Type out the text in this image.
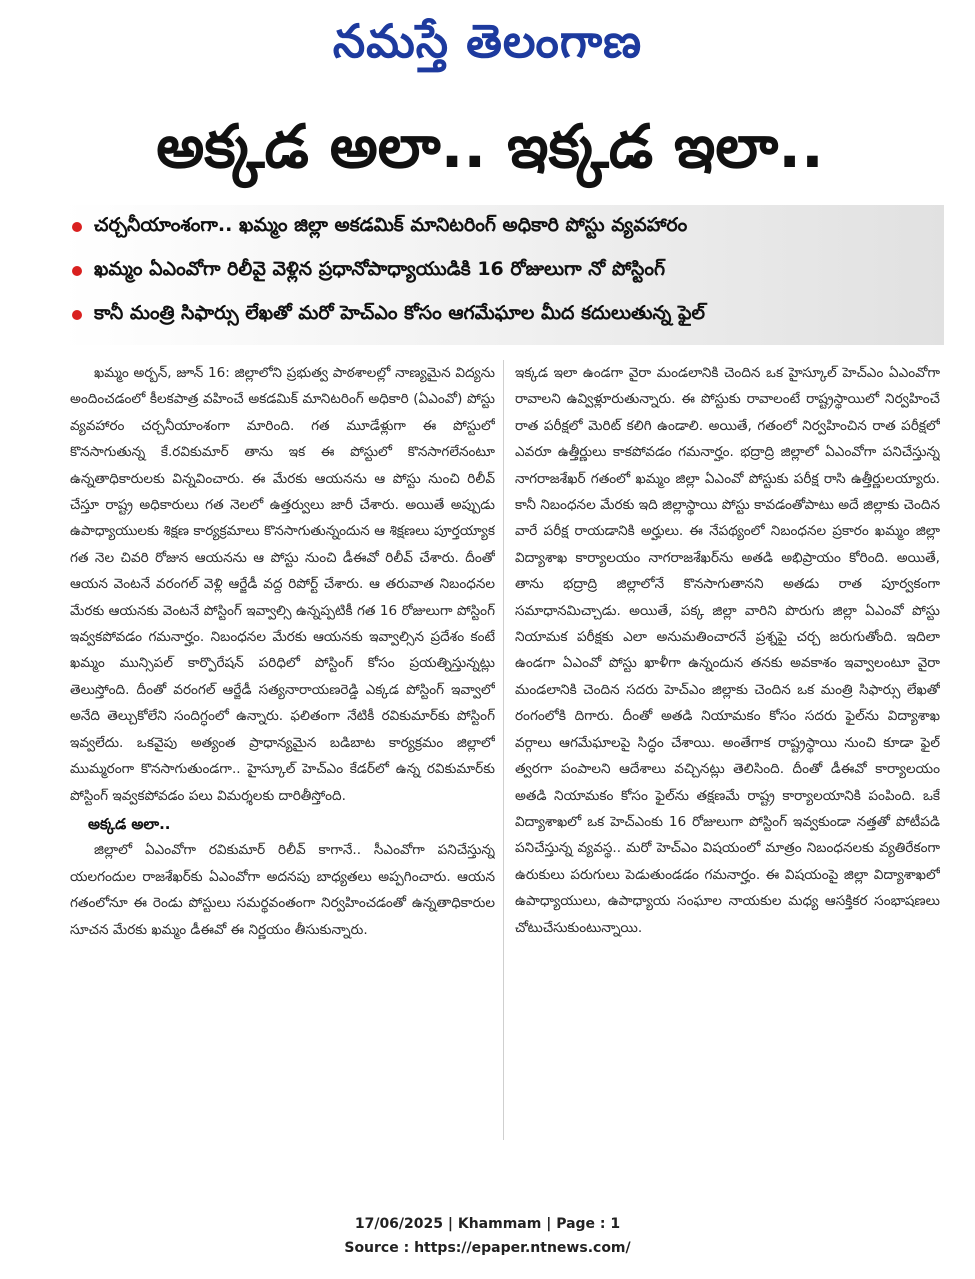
నమస్తే తెలంగాణ
అక్కడ అలా.. ఇక్కడ ఇలా..
చర్చనీయాంశంగా.. ఖమ్మం జిల్లా అకడమిక్ మానిటరింగ్ అధికారి పోస్టు వ్యవహారం
ఖమ్మం ఏఎంవోగా రిలీవై వెళ్లిన ప్రధానోపాధ్యాయుడికి 16 రోజులుగా నో పోస్టింగ్
కానీ మంత్రి సిఫార్సు లేఖతో మరో హెచ్ఎం కోసం ఆగమేఘాల మీద కదులుతున్న ఫైల్

ఖమ్మం అర్బన్, జూన్ 16: జిల్లాలోని ప్రభుత్వ పాఠశాలల్లో నాణ్యమైన విద్యను అందించడంలో కీలకపాత్ర వహించే అకడమిక్ మానిటరింగ్ అధికారి (ఏఎంవో) పోస్టు వ్యవహారం చర్చనీయాంశంగా మారింది. గత మూడేళ్లుగా ఈ పోస్టులో కొనసాగుతున్న కే.రవికుమార్ తాను ఇక ఈ పోస్టులో కొనసాగలేనంటూ ఉన్నతాధికారులకు విన్నవించారు. ఈ మేరకు ఆయనను ఆ పోస్టు నుంచి రిలీవ్ చేస్తూ రాష్ట్ర అధికారులు గత నెలలో ఉత్తర్వులు జారీ చేశారు. అయితే అప్పుడు ఉపాధ్యాయులకు శిక్షణ కార్యక్రమాలు కొనసాగుతున్నందున ఆ శిక్షణలు పూర్తయ్యాక గత నెల చివరి రోజున ఆయనను ఆ పోస్టు నుంచి డీఈవో రిలీవ్ చేశారు. దీంతో ఆయన వెంటనే వరంగల్ వెళ్లి ఆర్జేడీ వద్ద రిపోర్ట్ చేశారు. ఆ తరువాత నిబంధనల మేరకు ఆయనకు వెంటనే పోస్టింగ్ ఇవ్వాల్సి ఉన్నప్పటికీ గత 16 రోజులుగా పోస్టింగ్ ఇవ్వకపోవడం గమనార్హం. నిబంధనల మేరకు ఆయనకు ఇవ్వాల్సిన ప్రదేశం కంటే ఖమ్మం మున్సిపల్ కార్పొరేషన్ పరిధిలో పోస్టింగ్ కోసం ప్రయత్నిస్తున్నట్లు తెలుస్తోంది. దీంతో వరంగల్ ఆర్జేడీ సత్యనారాయణరెడ్డి ఎక్కడ పోస్టింగ్ ఇవ్వాలో అనేది తెల్చుకోలేని సందిగ్ధంలో ఉన్నారు. ఫలితంగా నేటికీ రవికుమార్‌కు పోస్టింగ్ ఇవ్వలేదు. ఒకవైపు అత్యంత ప్రాధాన్యమైన బడిబాట కార్యక్రమం జిల్లాలో ముమ్మరంగా కొనసాగుతుండగా.. హైస్కూల్ హెచ్ఎం కేడర్‌లో ఉన్న రవికుమార్‌కు పోస్టింగ్ ఇవ్వకపోవడం పలు విమర్శలకు దారితీస్తోంది.

అక్కడ అలా..

జిల్లాలో ఏఎంవోగా రవికుమార్ రిలీవ్ కాగానే.. సీఎంవోగా పనిచేస్తున్న యలగందుల రాజశేఖర్‌కు ఏఎంవోగా అదనపు బాధ్యతలు అప్పగించారు. ఆయన గతంలోనూ ఈ రెండు పోస్టులు సమర్థవంతంగా నిర్వహించడంతో ఉన్నతాధికారుల సూచన మేరకు ఖమ్మం డీఈవో ఈ నిర్ణయం తీసుకున్నారు.

ఇక్కడ ఇలా ఉండగా వైరా మండలానికి చెందిన ఒక హైస్కూల్ హెచ్ఎం ఏఎంవోగా రావాలని ఉవ్విళ్లూరుతున్నారు. ఈ పోస్టుకు రావాలంటే రాష్ట్రస్థాయిలో నిర్వహించే రాత పరీక్షలో మెరిట్ కలిగి ఉండాలి. అయితే, గతంలో నిర్వహించిన రాత పరీక్షలో ఎవరూ ఉత్తీర్ణులు కాకపోవడం గమనార్హం. భద్రాద్రి జిల్లాలో ఏఎంవోగా పనిచేస్తున్న నాగరాజశేఖర్ గతంలో ఖమ్మం జిల్లా ఏఎంవో పోస్టుకు పరీక్ష రాసి ఉత్తీర్ణులయ్యారు. కానీ నిబంధనల మేరకు ఇది జిల్లాస్థాయి పోస్టు కావడంతోపాటు అదే జిల్లాకు చెందిన వారే పరీక్ష రాయడానికి అర్హులు. ఈ నేపథ్యంలో నిబంధనల ప్రకారం ఖమ్మం జిల్లా విద్యాశాఖ కార్యాలయం నాగరాజశేఖర్‌ను అతడి అభిప్రాయం కోరింది. అయితే, తాను భద్రాద్రి జిల్లాలోనే కొనసాగుతానని అతడు రాత పూర్వకంగా సమాధానమిచ్చాడు. అయితే, పక్క జిల్లా వారిని పొరుగు జిల్లా ఏఎంవో పోస్టు నియామక పరీక్షకు ఎలా అనుమతించారనే ప్రశ్నపై చర్చ జరుగుతోంది. ఇదిలా ఉండగా ఏఎంవో పోస్టు ఖాళీగా ఉన్నందున తనకు అవకాశం ఇవ్వాలంటూ వైరా మండలానికి చెందిన సదరు హెచ్ఎం జిల్లాకు చెందిన ఒక మంత్రి సిఫార్సు లేఖతో రంగంలోకి దిగారు. దీంతో అతడి నియామకం కోసం సదరు ఫైల్‌ను విద్యాశాఖ వర్గాలు ఆగమేఘాలపై సిద్ధం చేశాయి. అంతేగాక రాష్ట్రస్థాయి నుంచి కూడా ఫైల్ త్వరగా పంపాలని ఆదేశాలు వచ్చినట్లు తెలిసింది. దీంతో డీఈవో కార్యాలయం అతడి నియామకం కోసం ఫైల్‌ను తక్షణమే రాష్ట్ర కార్యాలయానికి పంపింది. ఒకే విద్యాశాఖలో ఒక హెచ్ఎంకు 16 రోజులుగా పోస్టింగ్ ఇవ్వకుండా నత్తతో పోటీపడి పనిచేస్తున్న వ్యవస్థ.. మరో హెచ్ఎం విషయంలో మాత్రం నిబంధనలకు వ్యతిరేకంగా ఉరుకులు పరుగులు పెడుతుండడం గమనార్హం. ఈ విషయంపై జిల్లా విద్యాశాఖలో ఉపాధ్యాయులు, ఉపాధ్యాయ సంఘాల నాయకుల మధ్య ఆసక్తికర సంభాషణలు చోటుచేసుకుంటున్నాయి.

17/06/2025 | Khammam | Page : 1
Source : https://epaper.ntnews.com/
